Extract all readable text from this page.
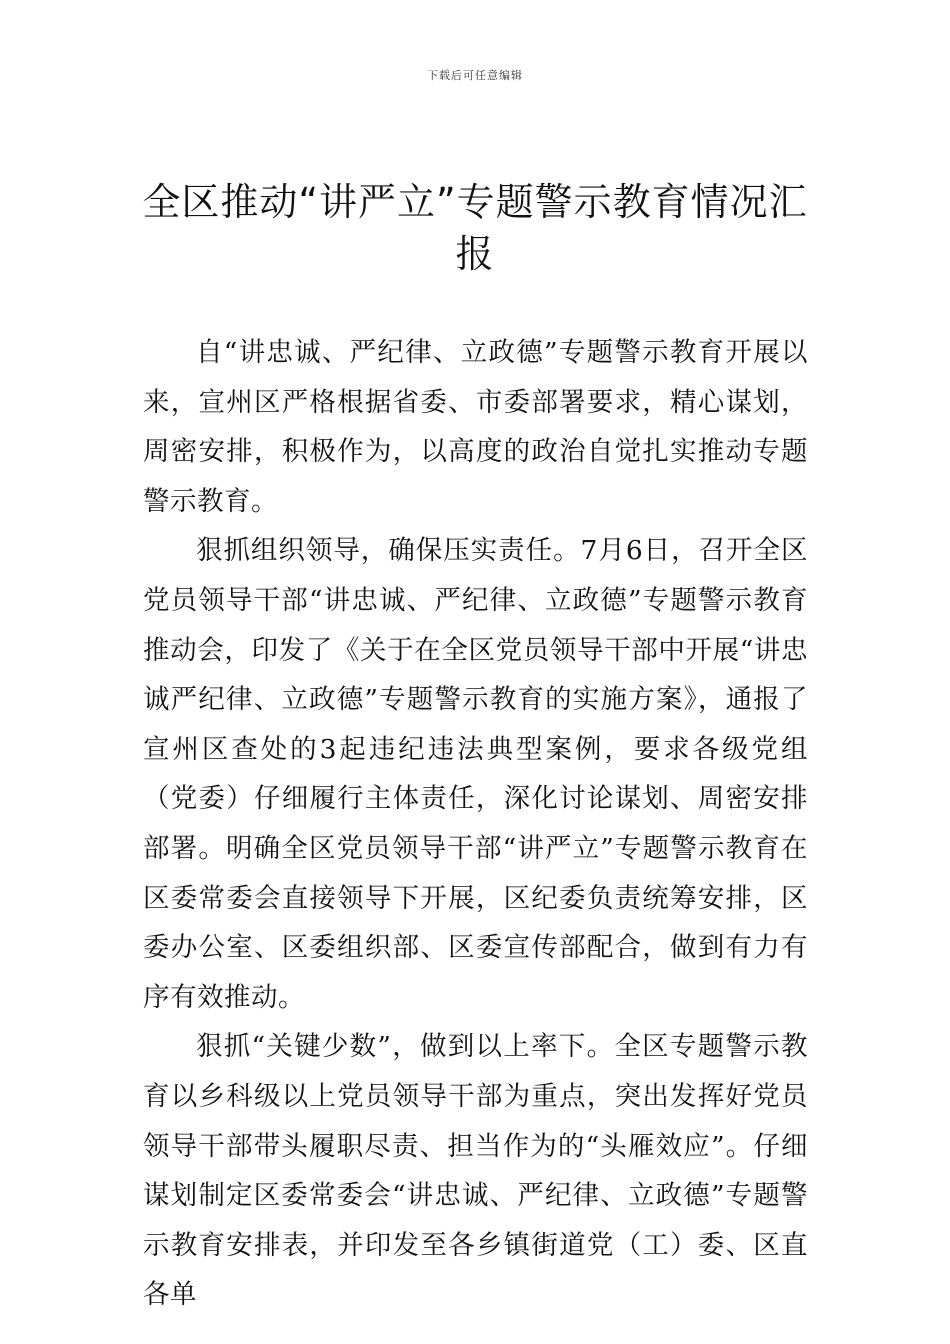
下载后可任意编辑
全区推动“讲严立”专题警示教育情况汇报

自“讲忠诚、严纪律、立政德”专题警示教育开展以来，宣州区严格根据省委、市委部署要求，精心谋划，周密安排，积极作为，以高度的政治自觉扎实推动专题警示教育。

狠抓组织领导，确保压实责任。7月6日，召开全区党员领导干部“讲忠诚、严纪律、立政德”专题警示教育推动会，印发了《关于在全区党员领导干部中开展“讲忠诚严纪律、立政德”专题警示教育的实施方案》，通报了宣州区查处的3起违纪违法典型案例，要求各级党组（党委）仔细履行主体责任，深化讨论谋划、周密安排部署。明确全区党员领导干部“讲严立”专题警示教育在区委常委会直接领导下开展，区纪委负责统筹安排，区委办公室、区委组织部、区委宣传部配合，做到有力有序有效推动。

狠抓“关键少数”，做到以上率下。全区专题警示教育以乡科级以上党员领导干部为重点，突出发挥好党员领导干部带头履职尽责、担当作为的“头雁效应”。仔细谋划制定区委常委会“讲忠诚、严纪律、立政德”专题警示教育安排表，并印发至各乡镇街道党（工）委、区直各单
